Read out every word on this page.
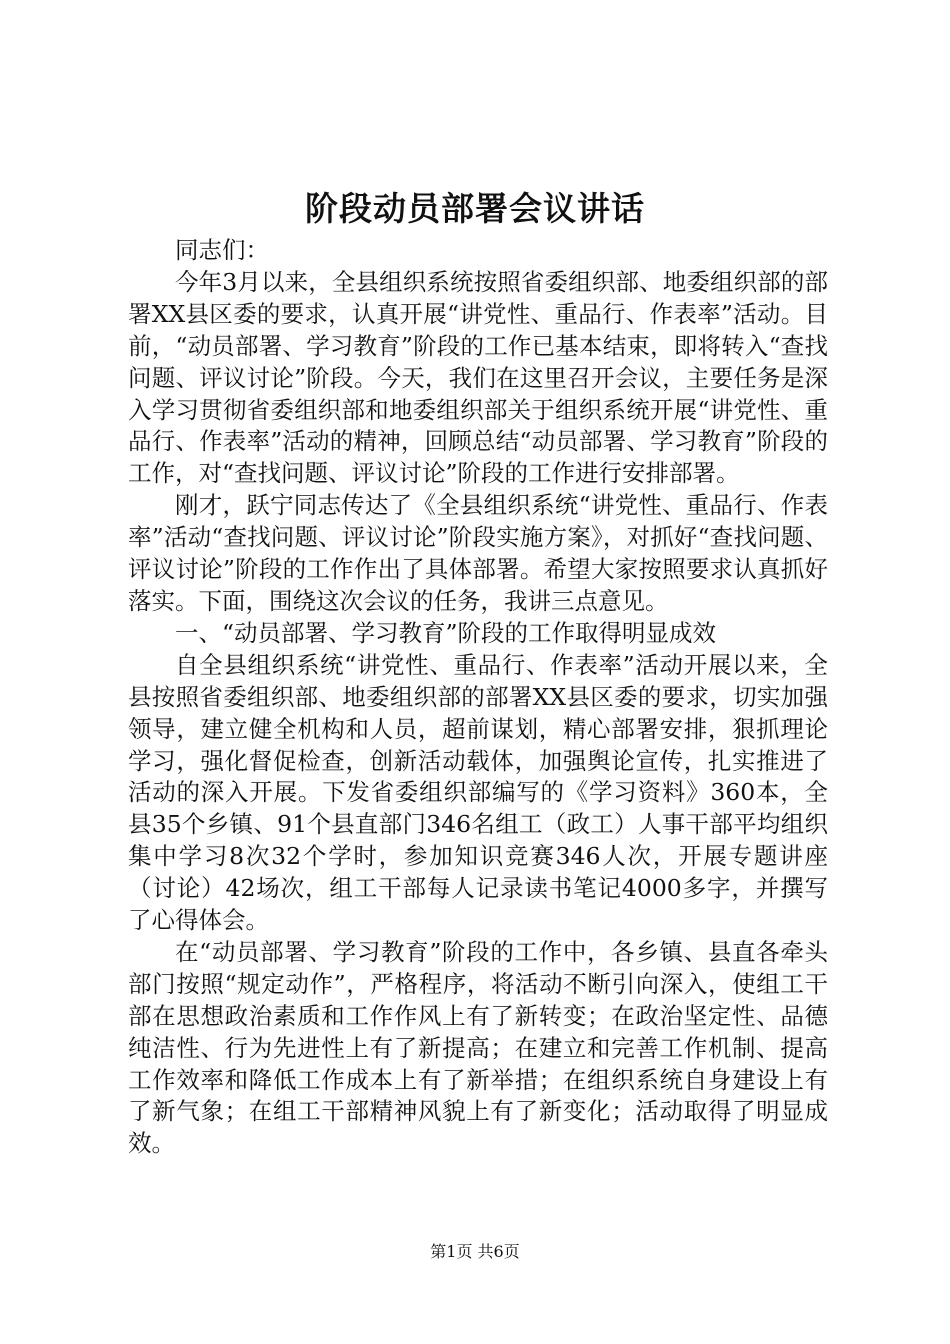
阶段动员部署会议讲话

同志们：

今年3月以来，全县组织系统按照省委组织部、地委组织部的部署XX县区委的要求，认真开展“讲党性、重品行、作表率”活动。目前，“动员部署、学习教育”阶段的工作已基本结束，即将转入“查找问题、评议讨论”阶段。今天，我们在这里召开会议，主要任务是深入学习贯彻省委组织部和地委组织部关于组织系统开展“讲党性、重品行、作表率”活动的精神，回顾总结“动员部署、学习教育”阶段的工作，对“查找问题、评议讨论”阶段的工作进行安排部署。

刚才，跃宁同志传达了《全县组织系统“讲党性、重品行、作表率”活动“查找问题、评议讨论”阶段实施方案》，对抓好“查找问题、评议讨论”阶段的工作作出了具体部署。希望大家按照要求认真抓好落实。下面，围绕这次会议的任务，我讲三点意见。

一、“动员部署、学习教育”阶段的工作取得明显成效

自全县组织系统“讲党性、重品行、作表率”活动开展以来，全县按照省委组织部、地委组织部的部署XX县区委的要求，切实加强领导，建立健全机构和人员，超前谋划，精心部署安排，狠抓理论学习，强化督促检查，创新活动载体，加强舆论宣传，扎实推进了活动的深入开展。下发省委组织部编写的《学习资料》360本，全县35个乡镇、91个县直部门346名组工（政工）人事干部平均组织集中学习8次32个学时，参加知识竞赛346人次，开展专题讲座（讨论）42场次，组工干部每人记录读书笔记4000多字，并撰写了心得体会。

在“动员部署、学习教育”阶段的工作中，各乡镇、县直各牵头部门按照“规定动作”，严格程序，将活动不断引向深入，使组工干部在思想政治素质和工作作风上有了新转变；在政治坚定性、品德纯洁性、行为先进性上有了新提高；在建立和完善工作机制、提高工作效率和降低工作成本上有了新举措；在组织系统自身建设上有了新气象；在组工干部精神风貌上有了新变化；活动取得了明显成效。

第1页 共6页
